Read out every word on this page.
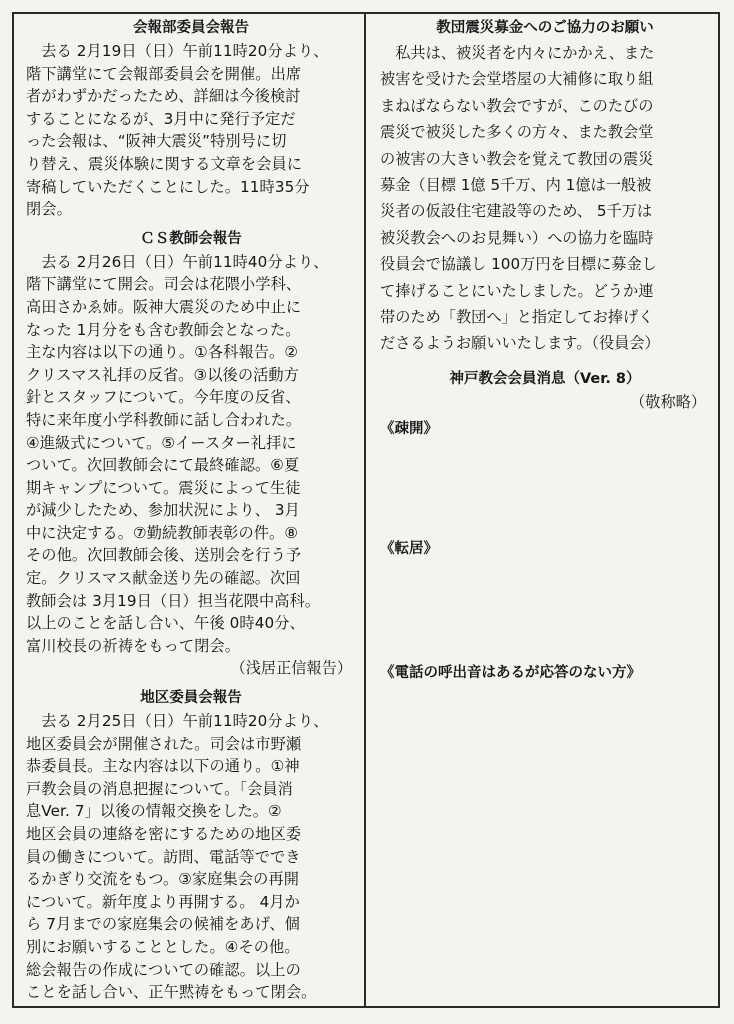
会報部委員会報告

　去る 2月19日（日）午前11時20分より、
階下講堂にて会報部委員会を開催。出席
者がわずかだったため、詳細は今後検討
することになるが、3月中に発行予定だ
った会報は、“阪神大震災”特別号に切
り替え、震災体験に関する文章を会員に
寄稿していただくことにした。11時35分
閉会。

ＣＳ教師会報告

　去る 2月26日（日）午前11時40分より、
階下講堂にて開会。司会は花隈小学科、
高田さかゑ姉。阪神大震災のため中止に
なった 1月分をも含む教師会となった。
主な内容は以下の通り。①各科報告。②
クリスマス礼拝の反省。③以後の活動方
針とスタッフについて。今年度の反省、
特に来年度小学科教師に話し合われた。
④進級式について。⑤イースター礼拝に
ついて。次回教師会にて最終確認。⑥夏
期キャンプについて。震災によって生徒
が減少したため、参加状況により、 3月
中に決定する。⑦勤続教師表彰の件。⑧
その他。次回教師会後、送別会を行う予
定。クリスマス献金送り先の確認。次回
教師会は 3月19日（日）担当花隈中高科。
以上のことを話し合い、午後 0時40分、
富川校長の祈祷をもって閉会。

（浅居正信報告）

地区委員会報告

　去る 2月25日（日）午前11時20分より、
地区委員会が開催された。司会は市野瀬
恭委員長。主な内容は以下の通り。①神
戸教会員の消息把握について。「会員消
息Ver. 7」以後の情報交換をした。②
地区会員の連絡を密にするための地区委
員の働きについて。訪問、電話等ででき
るかぎり交流をもつ。③家庭集会の再開
について。新年度より再開する。 4月か
ら 7月までの家庭集会の候補をあげ、個
別にお願いすることとした。④その他。
総会報告の作成についての確認。以上の
ことを話し合い、正午黙祷をもって閉会。

教団震災募金へのご協力のお願い

　私共は、被災者を内々にかかえ、また
被害を受けた会堂塔屋の大補修に取り組
まねばならない教会ですが、このたびの
震災で被災した多くの方々、また教会堂
の被害の大きい教会を覚えて教団の震災
募金（目標 1億 5千万、内 1億は一般被
災者の仮設住宅建設等のため、 5千万は
被災教会へのお見舞い）への協力を臨時
役員会で協議し 100万円を目標に募金し
て捧げることにいたしました。どうか連
帯のため「教団へ」と指定してお捧げく
ださるようお願いいたします。（役員会）

神戸教会会員消息（Ver. 8）

（敬称略）

《疎開》

《転居》

《電話の呼出音はあるが応答のない方》
